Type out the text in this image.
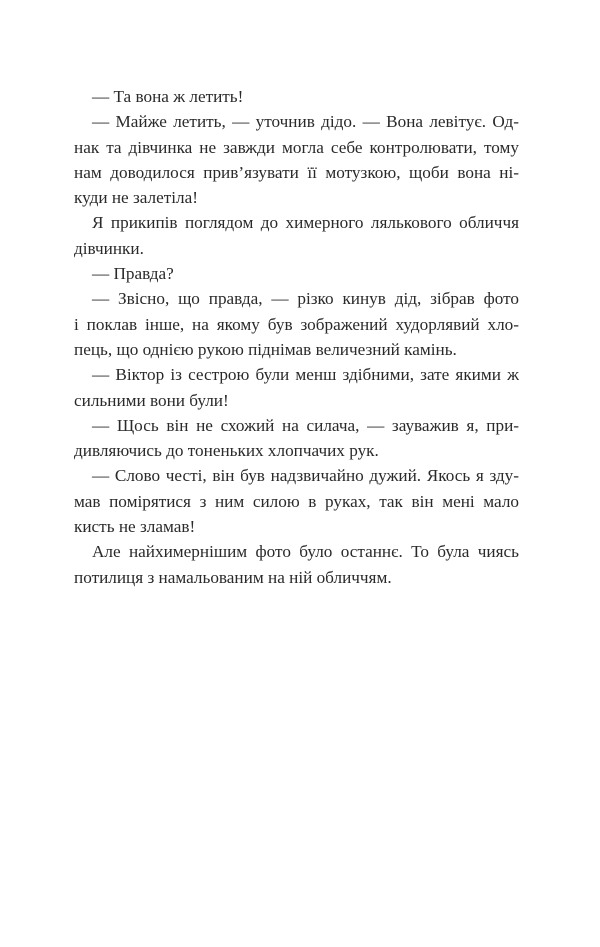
— Та вона ж летить!
— Майже летить, — уточнив дідо. — Вона левітує. Од-
нак та дівчинка не завжди могла себе контролювати, тому
нам доводилося прив’язувати її мотузкою, щоби вона ні-
куди не залетіла!
Я прикипів поглядом до химерного лялькового обличчя
дівчинки.
— Правда?
— Звісно, що правда, — різко кинув дід, зібрав фото
і поклав інше, на якому був зображений худорлявий хло-
пець, що однією рукою піднімав величезний камінь.
— Віктор із сестрою були менш здібними, зате якими ж
сильними вони були!
— Щось він не схожий на силача, — зауважив я, при-
дивляючись до тоненьких хлопчачих рук.
— Слово честі, він був надзвичайно дужий. Якось я зду-
мав помірятися з ним силою в руках, так він мені мало
кисть не зламав!
Але найхимернішим фото було останнє. То була чиясь
потилиця з намальованим на ній обличчям.
